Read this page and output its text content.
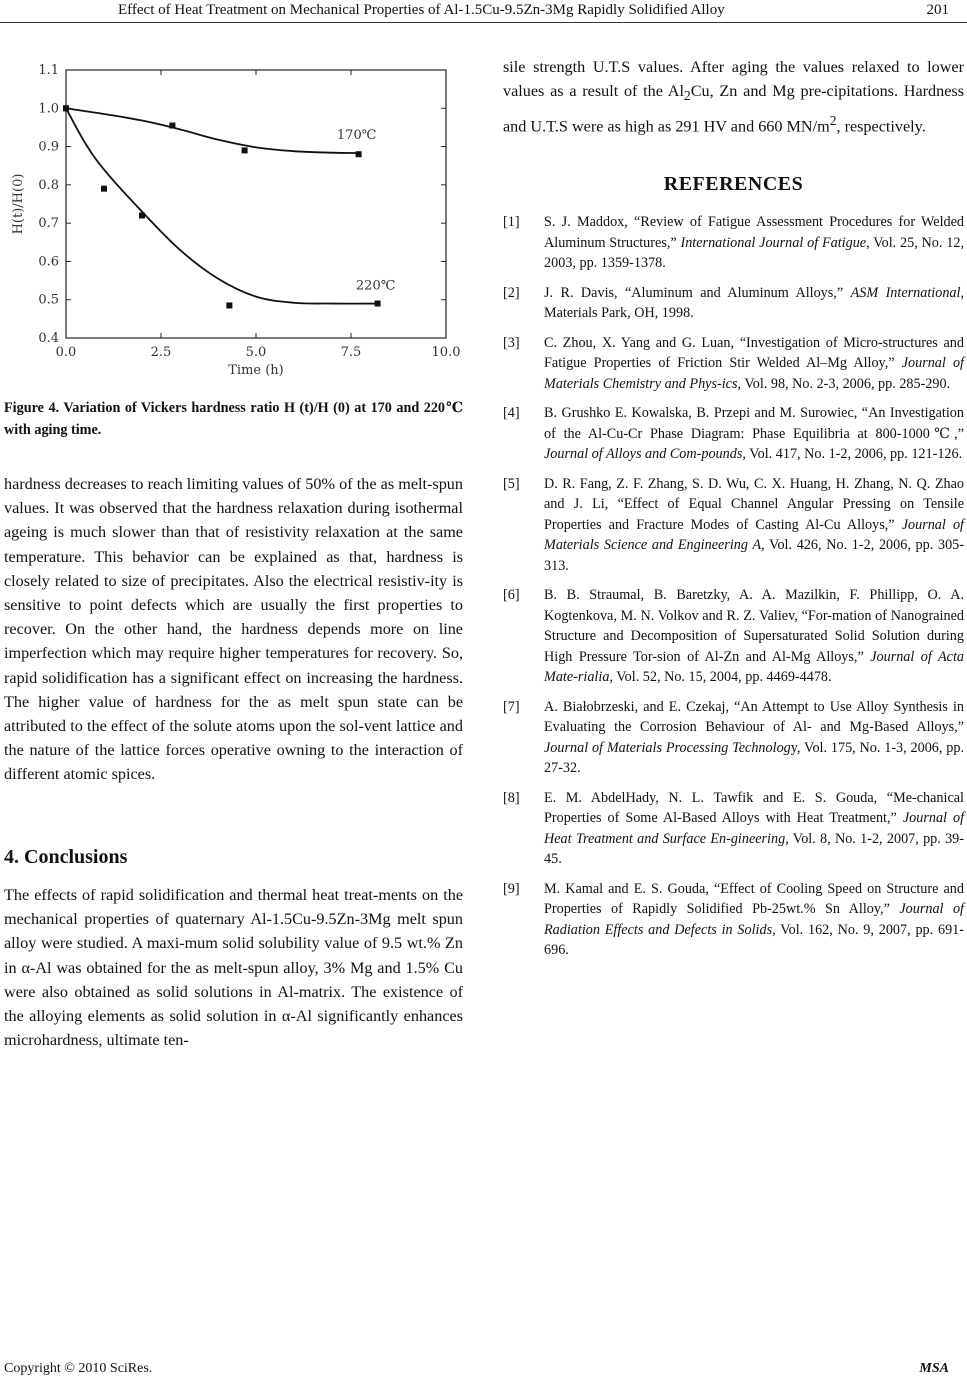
Effect of Heat Treatment on Mechanical Properties of Al-1.5Cu-9.5Zn-3Mg Rapidly Solidified Alloy	201
0.4
0.5
0.6
0.7
0.8
0.9
1.0
1.1
0.0	2.5	5.0	7.5	10.0
Time (h)
H(t)/H(0)
170℃
220℃
Figure 4. Variation of Vickers hardness ratio H (t)/H (0) at 170 and 220℃ with aging time.
hardness decreases to reach limiting values of 50% of the as melt-spun values. It was observed that the hardness relaxation during isothermal ageing is much slower than that of resistivity relaxation at the same temperature. This behavior can be explained as that, hardness is closely related to size of precipitates. Also the electrical resistiv-ity is sensitive to point defects which are usually the first properties to recover. On the other hand, the hardness depends more on line imperfection which may require higher temperatures for recovery. So, rapid solidification has a significant effect on increasing the hardness. The higher value of hardness for the as melt spun state can be attributed to the effect of the solute atoms upon the sol-vent lattice and the nature of the lattice forces operative owning to the interaction of different atomic spices.
4. Conclusions
The effects of rapid solidification and thermal heat treat-ments on the mechanical properties of quaternary Al-1.5Cu-9.5Zn-3Mg melt spun alloy were studied. A maxi-mum solid solubility value of 9.5 wt.% Zn in α-Al was obtained for the as melt-spun alloy, 3% Mg and 1.5% Cu were also obtained as solid solutions in Al-matrix. The existence of the alloying elements as solid solution in α-Al significantly enhances microhardness, ultimate ten-
sile strength U.T.S values. After aging the values relaxed to lower values as a result of the $Al_2Cu$, Zn and Mg pre-cipitations. Hardness and U.T.S were as high as 291 HV and 660 $MN/m^2$, respectively.
REFERENCES
[1] S. J. Maddox, “Review of Fatigue Assessment Procedures for Welded Aluminum Structures,” International Journal of Fatigue, Vol. 25, No. 12, 2003, pp. 1359-1378.
[2] J. R. Davis, “Aluminum and Aluminum Alloys,” ASM International, Materials Park, OH, 1998.
[3] C. Zhou, X. Yang and G. Luan, “Investigation of Micro-structures and Fatigue Properties of Friction Stir Welded Al–Mg Alloy,” Journal of Materials Chemistry and Phys-ics, Vol. 98, No. 2-3, 2006, pp. 285-290.
[4] B. Grushko E. Kowalska, B. Przepi and M. Surowiec, “An Investigation of the Al-Cu-Cr Phase Diagram: Phase Equilibria at 800-1000℃,” Journal of Alloys and Com-pounds, Vol. 417, No. 1-2, 2006, pp. 121-126.
[5] D. R. Fang, Z. F. Zhang, S. D. Wu, C. X. Huang, H. Zhang, N. Q. Zhao and J. Li, “Effect of Equal Channel Angular Pressing on Tensile Properties and Fracture Modes of Casting Al-Cu Alloys,” Journal of Materials Science and Engineering A, Vol. 426, No. 1-2, 2006, pp. 305-313.
[6] B. B. Straumal, B. Baretzky, A. A. Mazilkin, F. Phillipp, O. A. Kogtenkova, M. N. Volkov and R. Z. Valiev, “For-mation of Nanograined Structure and Decomposition of Supersaturated Solid Solution during High Pressure Tor-sion of Al-Zn and Al-Mg Alloys,” Journal of Acta Mate-rialia, Vol. 52, No. 15, 2004, pp. 4469-4478.
[7] A. Białobrzeski, and E. Czekaj, “An Attempt to Use Alloy Synthesis in Evaluating the Corrosion Behaviour of Al- and Mg-Based Alloys,” Journal of Materials Processing Technology, Vol. 175, No. 1-3, 2006, pp. 27-32.
[8] E. M. AbdelHady, N. L. Tawfik and E. S. Gouda, “Me-chanical Properties of Some Al-Based Alloys with Heat Treatment,” Journal of Heat Treatment and Surface En-gineering, Vol. 8, No. 1-2, 2007, pp. 39-45.
[9] M. Kamal and E. S. Gouda, “Effect of Cooling Speed on Structure and Properties of Rapidly Solidified Pb-25wt.% Sn Alloy,” Journal of Radiation Effects and Defects in Solids, Vol. 162, No. 9, 2007, pp. 691-696.
Copyright © 2010 SciRes.	MSA
